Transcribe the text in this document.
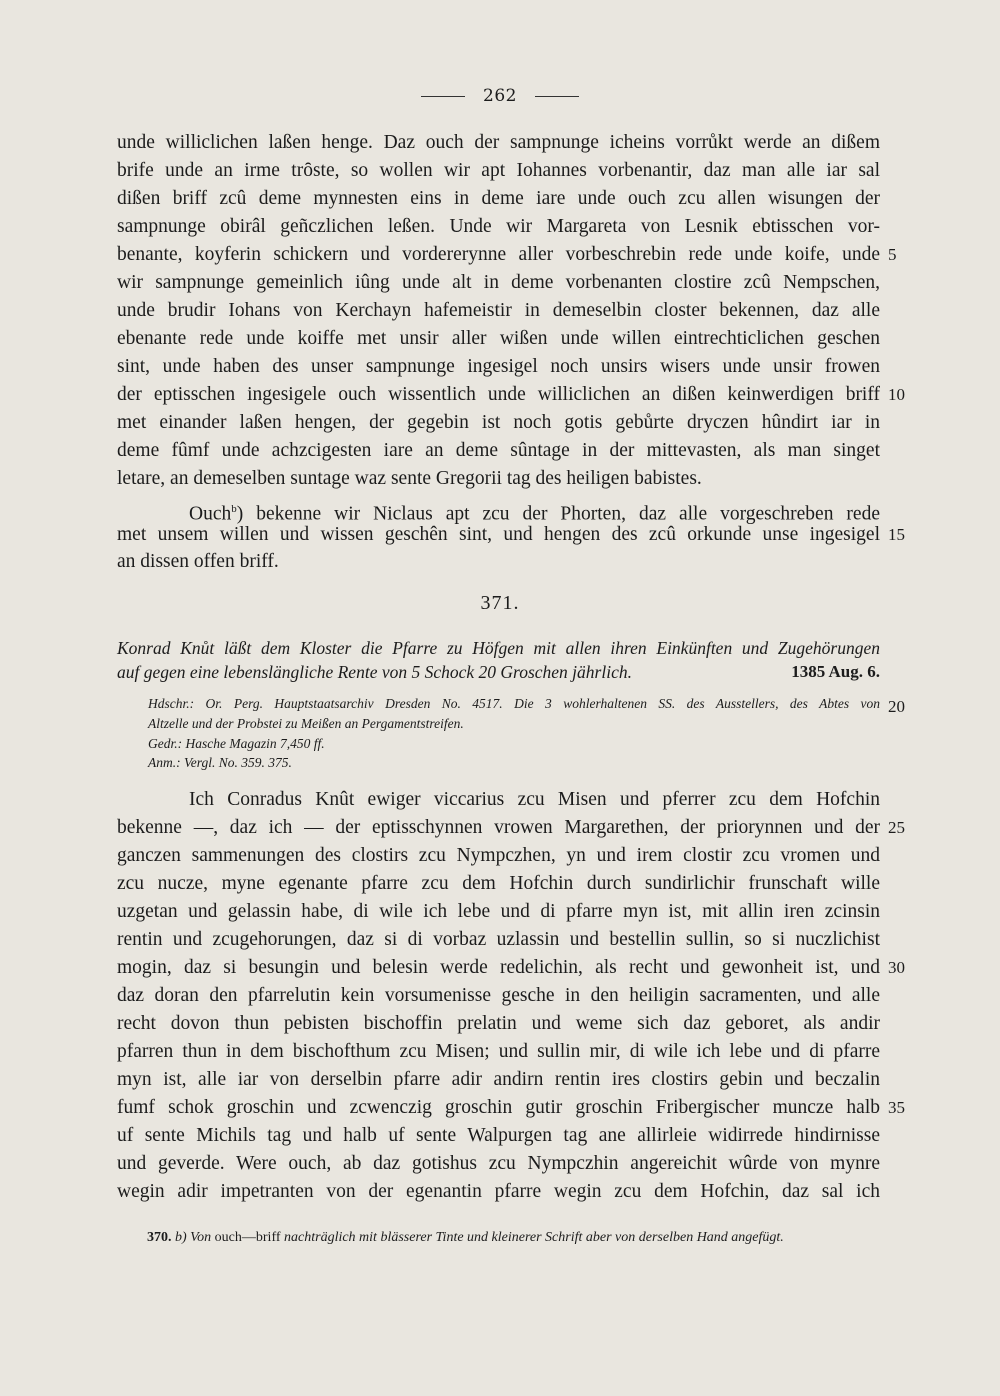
262
unde williclichen laßen henge. Daz ouch der sampnunge icheins vorrůkt werde an dißem
brife unde an irme trȏste, so wollen wir apt Iohannes vorbenantir, daz man alle iar sal
dißen briff zcû deme mynnesten eins in deme iare unde ouch zcu allen wisungen der
sampnunge obirâl geñczlichen leßen. Unde wir Margareta von Lesnik ebtisschen vor-
benante, koyferin schickern und vordererynne aller vorbeschrebin rede unde koife, unde
wir sampnunge gemeinlich iûng unde alt in deme vorbenanten clostire zcû Nempschen,
unde brudir Iohans von Kerchayn hafemeistir in demeselbin closter bekennen, daz alle
ebenante rede unde koiffe met unsir aller wißen unde willen eintrechticlichen geschen
sint, unde haben des unser sampnunge ingesigel noch unsirs wisers unde unsir frowen
der eptisschen ingesigele ouch wissentlich unde williclichen an dißen keinwerdigen briff
met einander laßen hengen, der gegebin ist noch gotis gebůrte dryczen hûndirt iar in
deme fûmf unde achzcigesten iare an deme sûntage in der mittevasten, als man singet
letare, an demeselben suntage waz sente Gregorii tag des heiligen babistes.
Ouch$^b$) bekenne wir Niclaus apt zcu der Phorten, daz alle vorgeschreben rede
met unsem willen und wissen geschên sint, und hengen des zcû orkunde unse ingesigel
an dissen offen briff.
5
10
15
20
25
30
35
371.
Konrad Knůt läßt dem Kloster die Pfarre zu Höfgen mit allen ihren Einkünften und Zugehörungen
auf gegen eine lebenslängliche Rente von 5 Schock 20 Groschen jährlich.	1385 Aug. 6.
Hdschr.: Or. Perg. Hauptstaatsarchiv Dresden No. 4517. Die 3 wohlerhaltenen SS. des Ausstellers, des Abtes von
Altzelle und der Probstei zu Meißen an Pergamentstreifen.
Gedr.: Hasche Magazin 7,450 ff.
Anm.: Vergl. No. 359. 375.
Ich Conradus Knût ewiger viccarius zcu Misen und pferrer zcu dem Hofchin
bekenne —, daz ich — der eptisschynnen vrowen Margarethen, der priorynnen und der
ganczen sammenungen des clostirs zcu Nympczhen, yn und irem clostir zcu vromen und
zcu nucze, myne egenante pfarre zcu dem Hofchin durch sundirlichir frunschaft wille
uzgetan und gelassin habe, di wile ich lebe und di pfarre myn ist, mit allin iren zcinsin
rentin und zcugehorungen, daz si di vorbaz uzlassin und bestellin sullin, so si nuczlichist
mogin, daz si besungin und belesin werde redelichin, als recht und gewonheit ist, und
daz doran den pfarrelutin kein vorsumenisse gesche in den heiligin sacramenten, und alle
recht dovon thun pebisten bischoffin prelatin und weme sich daz geboret, als andir
pfarren thun in dem bischofthum zcu Misen; und sullin mir, di wile ich lebe und di pfarre
myn ist, alle iar von derselbin pfarre adir andirn rentin ires clostirs gebin und beczalin
fumf schok groschin und zcwenczig groschin gutir groschin Fribergischer muncze halb
uf sente Michils tag und halb uf sente Walpurgen tag ane allirleie widirrede hindirnisse
und geverde. Were ouch, ab daz gotishus zcu Nympczhin angereichit wûrde von mynre
wegin adir impetranten von der egenantin pfarre wegin zcu dem Hofchin, daz sal ich
370. b) Von ouch—briff nachträglich mit blässerer Tinte und kleinerer Schrift aber von derselben Hand angefügt.
